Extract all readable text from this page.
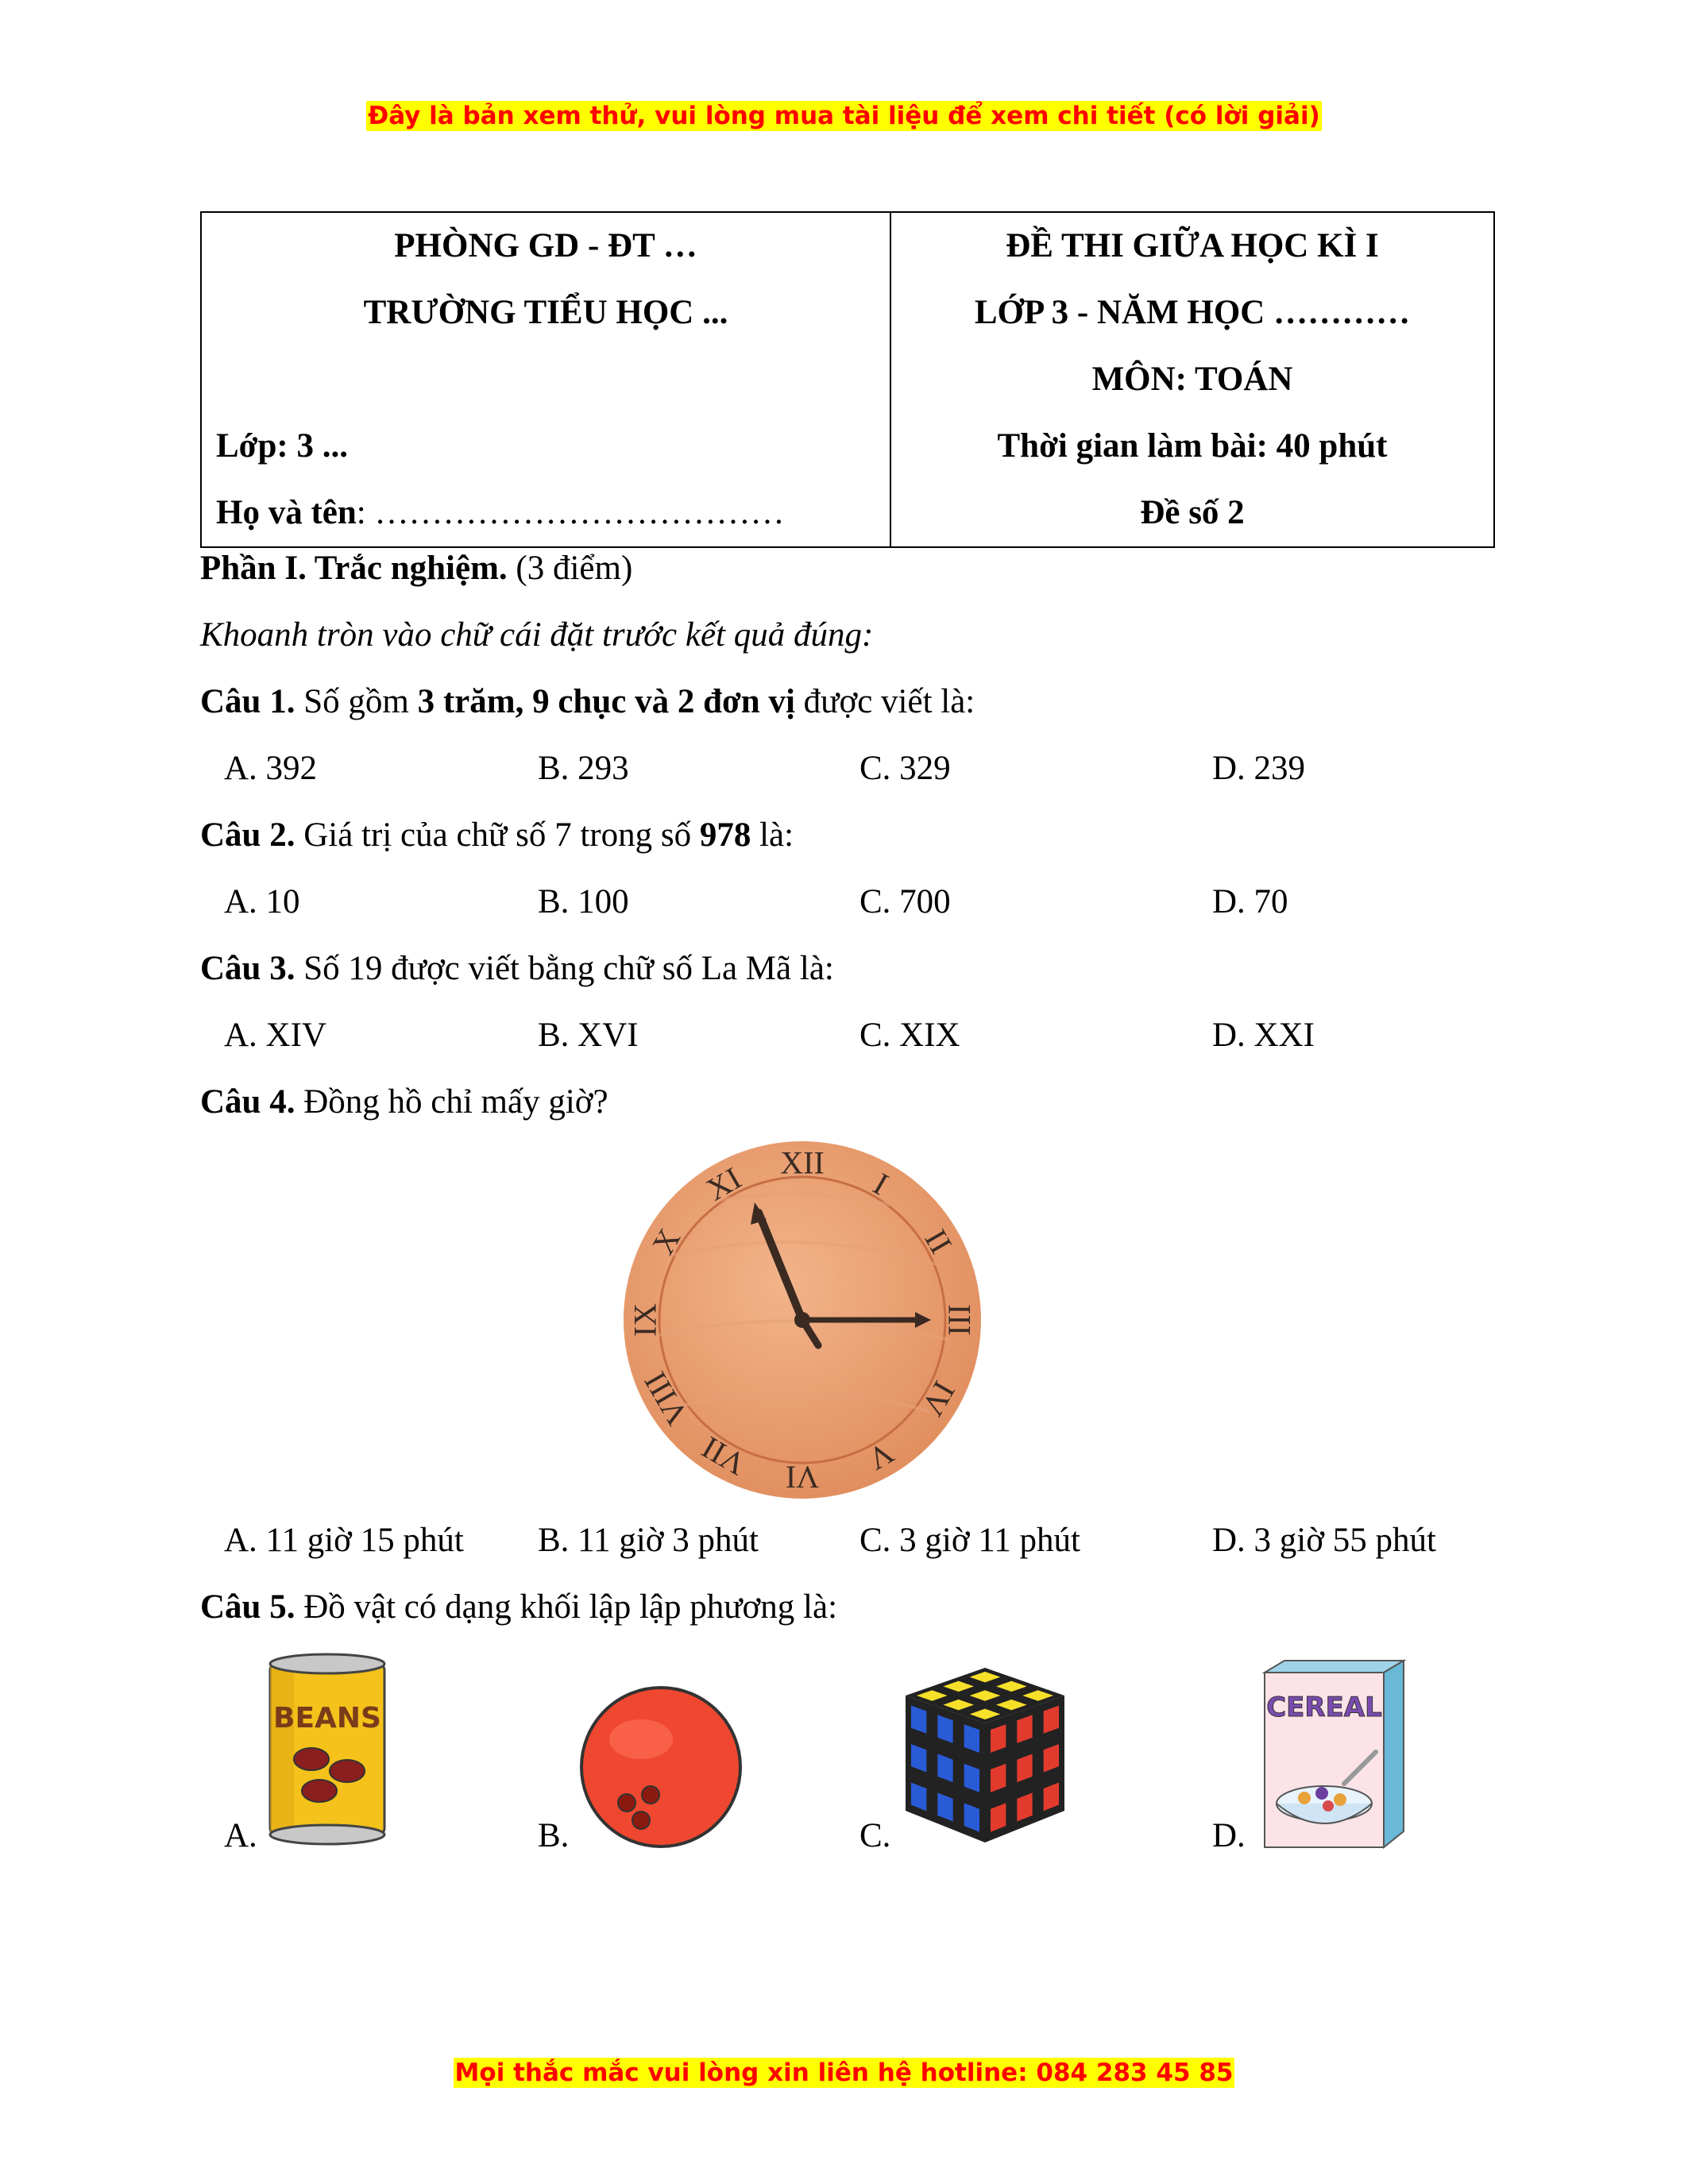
Đây là bản xem thử, vui lòng mua tài liệu để xem chi tiết (có lời giải)
PHÒNG GD - ĐT …
TRƯỜNG TIỂU HỌC ...
Lớp: 3 ...
Họ và tên: ………………………………

ĐỀ THI GIỮA HỌC KÌ I
LỚP 3 - NĂM HỌC …………
MÔN: TOÁN
Thời gian làm bài: 40 phút
Đề số 2
Phần I. Trắc nghiệm. (3 điểm)
Khoanh tròn vào chữ cái đặt trước kết quả đúng:
Câu 1. Số gồm 3 trăm, 9 chục và 2 đơn vị được viết là:
A. 392	B. 293	C. 329	D. 239
Câu 2. Giá trị của chữ số 7 trong số 978 là:
A. 10	B. 100	C. 700	D. 70
Câu 3. Số 19 được viết bằng chữ số La Mã là:
A. XIV	B. XVI	C. XIX	D. XXI
Câu 4. Đồng hồ chỉ mấy giờ?
XII
I
II
III
IV
V
VI
VII
VIII
IX
X
XI
A. 11 giờ 15 phút B. 11 giờ 3 phút	C. 3 giờ 11 phút	D. 3 giờ 55 phút
Câu 5. Đồ vật có dạng khối lập lập phương là:
A.	B.	C.	D.
BEANS	CEREAL
Mọi thắc mắc vui lòng xin liên hệ hotline: 084 283 45 85
